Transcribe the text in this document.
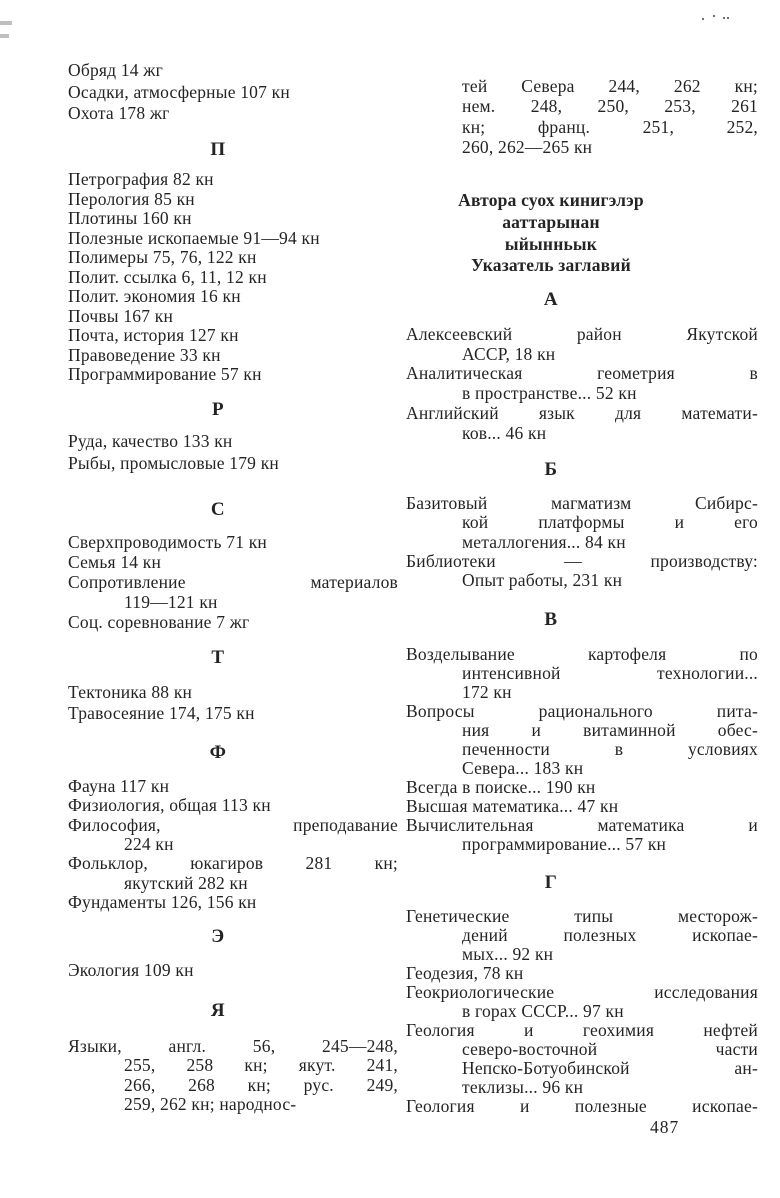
Обряд 14 жг
Осадки, атмосферные 107 кн
Охота 178 жг
П
Петрография 82 кн
Перология 85 кн
Плотины 160 кн
Полезные ископаемые 91—94 кн
Полимеры 75, 76, 122 кн
Полит. ссылка 6, 11, 12 кн
Полит. экономия 16 кн
Почвы 167 кн
Почта, история 127 кн
Правоведение 33 кн
Программирование 57 кн
Р
Руда, качество 133 кн
Рыбы, промысловые 179 кн
С
Сверхпроводимость 71 кн
Семья 14 кн
Сопротивление материалов
119—121 кн
Соц. соревнование 7 жг
Т
Тектоника 88 кн
Травосеяние 174, 175 кн
Ф
Фауна 117 кн
Физиология, общая 113 кн
Философия, преподавание
224 кн
Фольклор, юкагиров 281 кн;
якутский 282 кн
Фундаменты 126, 156 кн
Э
Экология 109 кн
Я
Языки, англ. 56, 245—248,
255, 258 кн; якут. 241,
266, 268 кн; рус. 249,
259, 262 кн; народнос-
тей Севера 244, 262 кн;
нем. 248, 250, 253, 261
кн; франц. 251, 252,
260, 262—265 кн
Автора суох кинигэлэр
ааттарынан
ыйынньык
Указатель заглавий
А
Алексеевский район Якутской
АССР, 18 кн
Аналитическая геометрия в
в пространстве... 52 кн
Английский язык для математи-
ков... 46 кн
Б
Базитовый магматизм Сибирс-
кой платформы и его
металлогения... 84 кн
Библиотеки — производству:
Опыт работы, 231 кн
В
Возделывание картофеля по
интенсивной технологии...
172 кн
Вопросы рационального пита-
ния и витаминной обес-
печенности в условиях
Севера... 183 кн
Всегда в поиске... 190 кн
Высшая математика... 47 кн
Вычислительная математика и
программирование... 57 кн
Г
Генетические типы месторож-
дений полезных ископае-
мых... 92 кн
Геодезия, 78 кн
Геокриологические исследования
в горах СССР... 97 кн
Геология и геохимия нефтей
северо-восточной части
Непско-Ботуобинской ан-
теклизы... 96 кн
Геология и полезные ископае-
487
